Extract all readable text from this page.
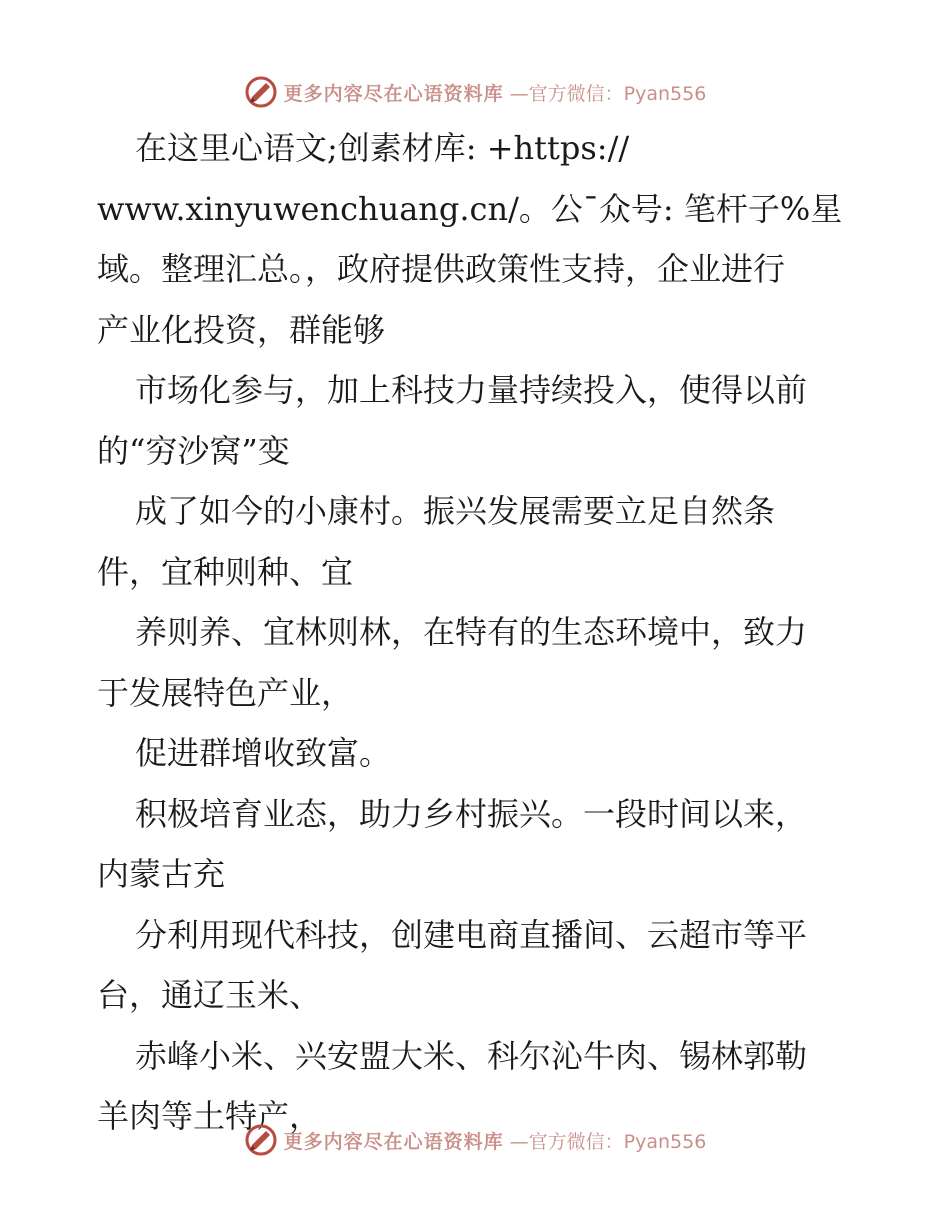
更多内容尽在心语资料库 —官方微信：Pyan556
在这里心语文;创素材库: +https://
www.xinyuwenchuang.cn/。公¯众号: 笔杆子%星
域。整理汇总。，政府提供政策性支持，企业进行
产业化投资，群能够
市场化参与，加上科技力量持续投入，使得以前
的“穷沙窝”变
成了如今的小康村。振兴发展需要立足自然条
件，宜种则种、宜
养则养、宜林则林，在特有的生态环境中，致力
于发展特色产业，
促进群增收致富。
积极培育业态，助力乡村振兴。一段时间以来，
内蒙古充
分利用现代科技，创建电商直播间、云超市等平
台，通辽玉米、
赤峰小米、兴安盟大米、科尔沁牛肉、锡林郭勒
羊肉等土特产，
更多内容尽在心语资料库 —官方微信：Pyan556
